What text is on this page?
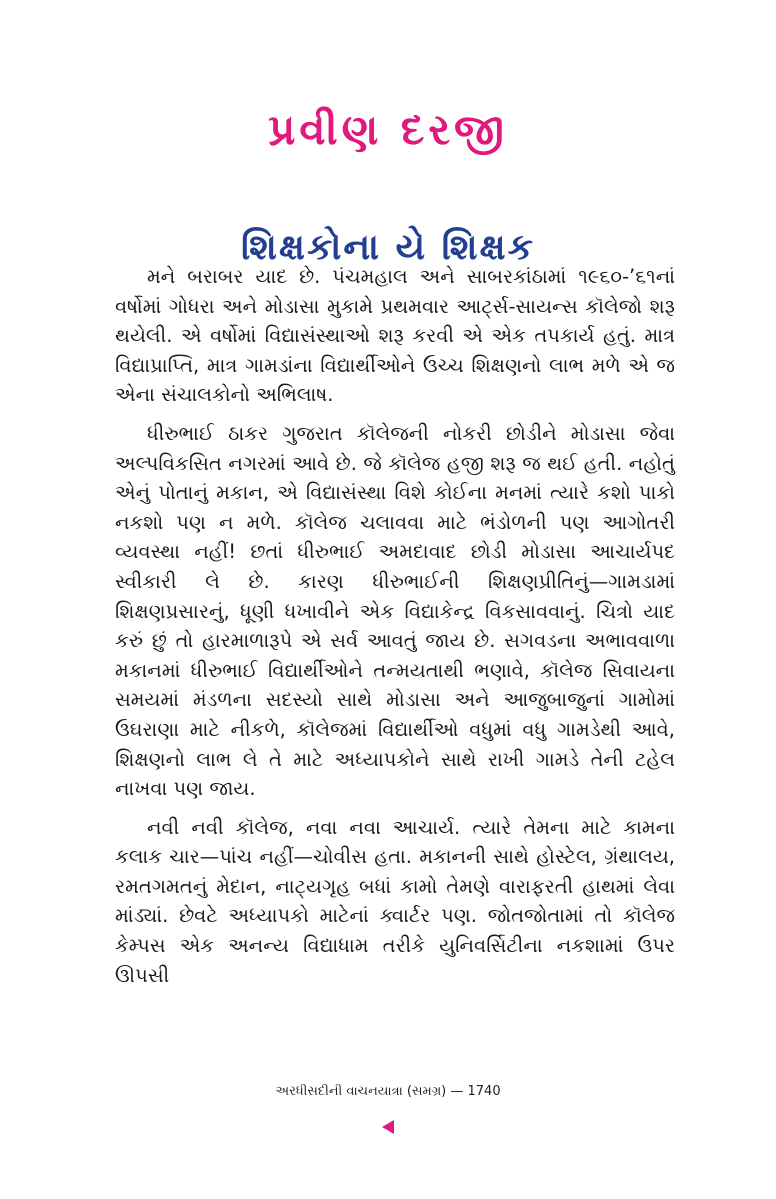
પ્રવીણ દરજી
શિક્ષકોના યે શિક્ષક

મને બરાબર યાદ છે. પંચમહાલ અને સાબરકાંઠામાં ૧૯૬૦-’૬૧નાં વર્ષોમાં ગોધરા અને મોડાસા મુકામે પ્રથમવાર આર્ટ્સ-સાયન્સ કૉલેજો શરૂ થયેલી. એ વર્ષોમાં વિદ્યાસંસ્થાઓ શરૂ કરવી એ એક તપકાર્ય હતું. માત્ર વિદ્યાપ્રાપ્તિ, માત્ર ગામડાંના વિદ્યાર્થીઓને ઉચ્ચ શિક્ષણનો લાભ મળે એ જ એના સંચાલકોનો અભિલાષ.

ધીરુભાઈ ઠાકર ગુજરાત કૉલેજની નોકરી છોડીને મોડાસા જેવા અલ્પવિકસિત નગરમાં આવે છે. જે કૉલેજ હજી શરૂ જ થઈ હતી. નહોતું એનું પોતાનું મકાન, એ વિદ્યાસંસ્થા વિશે કોઈના મનમાં ત્યારે કશો પાકો નકશો પણ ન મળે. કૉલેજ ચલાવવા માટે ભંડોળની પણ આગોતરી વ્યવસ્થા નહીં! છતાં ધીરુભાઈ અમદાવાદ છોડી મોડાસા આચાર્યપદ સ્વીકારી લે છે. કારણ ધીરુભાઈની શિક્ષણપ્રીતિનું—ગામડામાં શિક્ષણપ્રસારનું, ધૂણી ધખાવીને એક વિદ્યાકેન્દ્ર વિકસાવવાનું. ચિત્રો યાદ કરું છું તો હારમાળારૂપે એ સર્વ આવતું જાય છે. સગવડના અભાવવાળા મકાનમાં ધીરુભાઈ વિદ્યાર્થીઓને તન્મયતાથી ભણાવે, કૉલેજ સિવાયના સમયમાં મંડળના સદસ્યો સાથે મોડાસા અને આજુબાજુનાં ગામોમાં ઉઘરાણા માટે નીકળે, કૉલેજમાં વિદ્યાર્થીઓ વધુમાં વધુ ગામડેથી આવે, શિક્ષણનો લાભ લે તે માટે અધ્યાપકોને સાથે રાખી ગામડે તેની ટહેલ નાખવા પણ જાય.

નવી નવી કૉલેજ, નવા નવા આચાર્ય. ત્યારે તેમના માટે કામના કલાક ચાર—પાંચ નહીં—ચોવીસ હતા. મકાનની સાથે હોસ્ટેલ, ગ્રંથાલય, રમતગમતનું મેદાન, નાટ્યગૃહ બધાં કામો તેમણે વારાફરતી હાથમાં લેવા માંડ્યાં. છેવટે અધ્યાપકો માટેનાં ક્વાર્ટર પણ. જોતજોતામાં તો કૉલેજ કેમ્પસ એક અનન્ય વિદ્યાધામ તરીકે યુનિવર્સિટીના નકશામાં ઉપર ઊપસી

અરધીસદીની વાચનયાત્રા (સમગ્ર) — 1740
